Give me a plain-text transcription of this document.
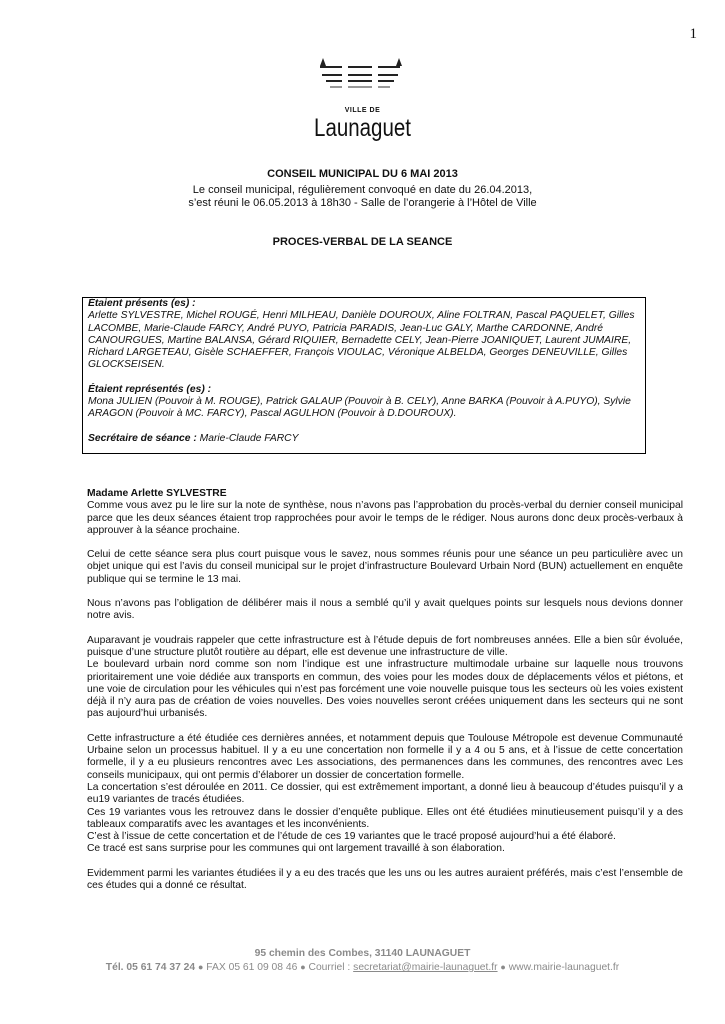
1
VILLE DE
Launaguet
CONSEIL MUNICIPAL DU 6 MAI 2013
Le conseil municipal, régulièrement convoqué en date du 26.04.2013,
s’est réuni le 06.05.2013 à 18h30 - Salle de l’orangerie à l’Hôtel de Ville
PROCES-VERBAL DE LA SEANCE

Étaient présents (es) :

Arlette SYLVESTRE, Michel ROUGÉ, Henri MILHEAU, Danièle DOUROUX, Aline FOLTRAN, Pascal PAQUELET, Gilles LACOMBE, Marie-Claude FARCY, André PUYO, Patricia PARADIS, Jean-Luc GALY, Marthe CARDONNE, André CANOURGUES, Martine BALANSA, Gérard RIQUIER, Bernadette CELY, Jean-Pierre JOANIQUET, Laurent JUMAIRE, Richard LARGETEAU, Gisèle SCHAEFFER, François VIOULAC, Véronique ALBELDA, Georges DENEUVILLE, Gilles GLOCKSEISEN.

Étaient représentés (es) :

Mona JULIEN (Pouvoir à M. ROUGE), Patrick GALAUP (Pouvoir à B. CELY), Anne BARKA (Pouvoir à A.PUYO), Sylvie ARAGON (Pouvoir à MC. FARCY), Pascal AGULHON (Pouvoir à D.DOUROUX).

Secrétaire de séance : Marie-Claude FARCY

Madame Arlette SYLVESTRE

Comme vous avez pu le lire sur la note de synthèse, nous n’avons pas l’approbation du procès-verbal du dernier conseil municipal parce que les deux séances étaient trop rapprochées pour avoir le temps de le rédiger. Nous aurons donc deux procès-verbaux à approuver à la séance prochaine.

Celui de cette séance sera plus court puisque vous le savez, nous sommes réunis pour une séance un peu particulière avec un objet unique qui est l’avis du conseil municipal sur le projet d’infrastructure Boulevard Urbain Nord (BUN) actuellement en enquête publique qui se termine le 13 mai.

Nous n’avons pas l’obligation de délibérer mais il nous a semblé qu’il y avait quelques points sur lesquels nous devions donner notre avis.

Auparavant je voudrais rappeler que cette infrastructure est à l’étude depuis de fort nombreuses années. Elle a bien sûr évoluée, puisque d’une structure plutôt routière au départ, elle est devenue une infrastructure de ville.

Le boulevard urbain nord comme son nom l’indique est une infrastructure multimodale urbaine sur laquelle nous trouvons prioritairement une voie dédiée aux transports en commun, des voies pour les modes doux de déplacements vélos et piétons, et une voie de circulation pour les véhicules qui n’est pas forcément une voie nouvelle puisque tous les secteurs où les voies existent déjà il n’y aura pas de création de voies nouvelles. Des voies nouvelles seront créées uniquement dans les secteurs qui ne sont pas aujourd’hui urbanisés.

Cette infrastructure a été étudiée ces dernières années, et notamment depuis que Toulouse Métropole est devenue Communauté Urbaine selon un processus habituel. Il y a eu une concertation non formelle il y a 4 ou 5 ans, et à l’issue de cette concertation formelle, il y a eu plusieurs rencontres avec Les associations, des permanences dans les communes, des rencontres avec Les conseils municipaux, qui ont permis d’élaborer un dossier de concertation formelle.

La concertation s’est déroulée en 2011. Ce dossier, qui est extrêmement important, a donné lieu à beaucoup d’études puisqu’il y a eu19 variantes de tracés étudiées.

Ces 19 variantes vous les retrouvez dans le dossier d’enquête publique. Elles ont été étudiées minutieusement puisqu’il y a des tableaux comparatifs avec les avantages et les inconvénients.

C’est à l’issue de cette concertation et de l’étude de ces 19 variantes que le tracé proposé aujourd’hui a été élaboré.

Ce tracé est sans surprise pour les communes qui ont largement travaillé à son élaboration.

Evidemment parmi les variantes étudiées il y a eu des tracés que les uns ou les autres auraient préférés, mais c’est l’ensemble de ces études qui a donné ce résultat.

95 chemin des Combes, 31140 LAUNAGUET
Tél. 05 61 74 37 24 ● FAX 05 61 09 08 46 ● Courriel : secretariat@mairie-launaguet.fr ● www.mairie-launaguet.fr
